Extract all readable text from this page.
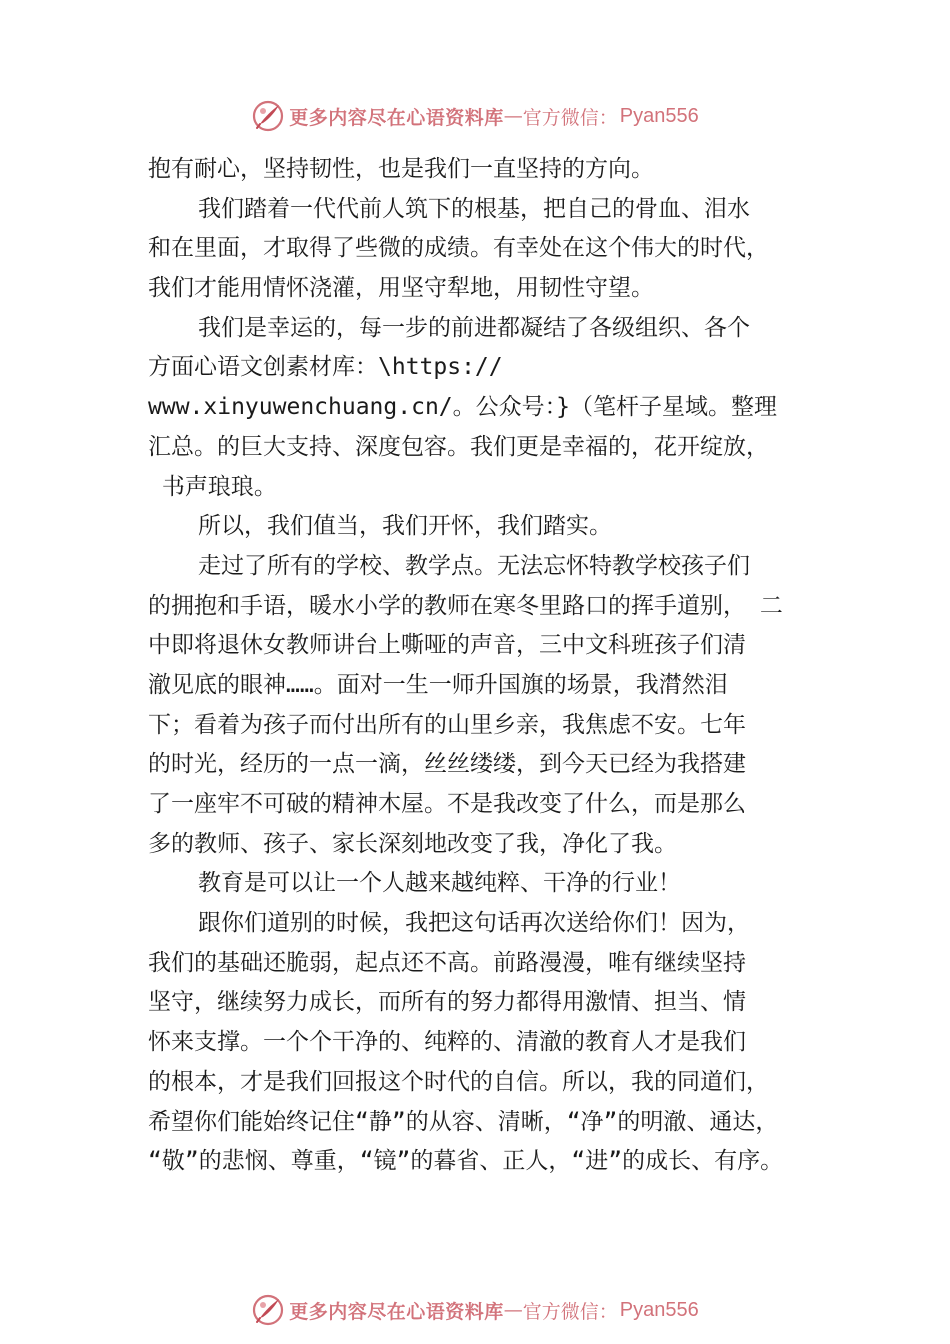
更多内容尽在心语资料库 — 官方微信： Pyan556
抱有耐心，坚持韧性，也是我们一直坚持的方向。
我们踏着一代代前人筑下的根基，把自己的骨血、泪水
和在里面，才取得了些微的成绩。有幸处在这个伟大的时代，
我们才能用情怀浇灌，用坚守犁地，用韧性守望。
我们是幸运的，每一步的前进都凝结了各级组织、各个
方面心语文创素材库：\https://
www.xinyuwenchuang.cn/。公众号：}（笔杆子星域。整理
汇总。的巨大支持、深度包容。我们更是幸福的，花开绽放，
书声琅琅。
所以，我们值当，我们开怀，我们踏实。
走过了所有的学校、教学点。无法忘怀特教学校孩子们
的拥抱和手语，暖水小学的教师在寒冬里路口的挥手道别， 二
中即将退休女教师讲台上嘶哑的声音，三中文科班孩子们清
澈见底的眼神……。面对一生一师升国旗的场景，我潸然泪
下；看着为孩子而付出所有的山里乡亲，我焦虑不安。七年
的时光，经历的一点一滴，丝丝缕缕，到今天已经为我搭建
了一座牢不可破的精神木屋。不是我改变了什么，而是那么
多的教师、孩子、家长深刻地改变了我，净化了我。
教育是可以让一个人越来越纯粹、干净的行业！
跟你们道别的时候，我把这句话再次送给你们！因为，
我们的基础还脆弱，起点还不高。前路漫漫，唯有继续坚持
坚守，继续努力成长，而所有的努力都得用激情、担当、情
怀来支撑。一个个干净的、纯粹的、清澈的教育人才是我们
的根本，才是我们回报这个时代的自信。所以，我的同道们，
希望你们能始终记住“静”的从容、清晰，“净”的明澈、通达，
“敬”的悲悯、尊重，“镜”的暮省、正人，“进”的成长、有序。
更多内容尽在心语资料库 — 官方微信： Pyan556
